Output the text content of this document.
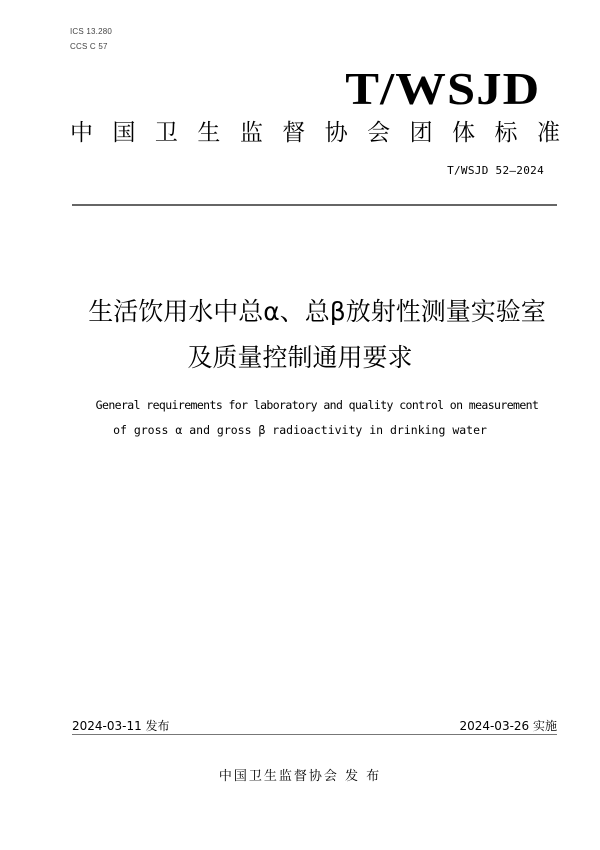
ICS 13.280
CCS C 57
T/WSJD
中 国 卫 生 监 督 协 会 团 体 标 准
T/WSJD 52—2024
生活饮用水中总α、总β放射性测量实验室
及质量控制通用要求
General requirements for laboratory and quality control on measurement
of gross α and gross β radioactivity in drinking water
2024-03-11 发布	2024-03-26 实施
中国卫生监督协会 发 布
